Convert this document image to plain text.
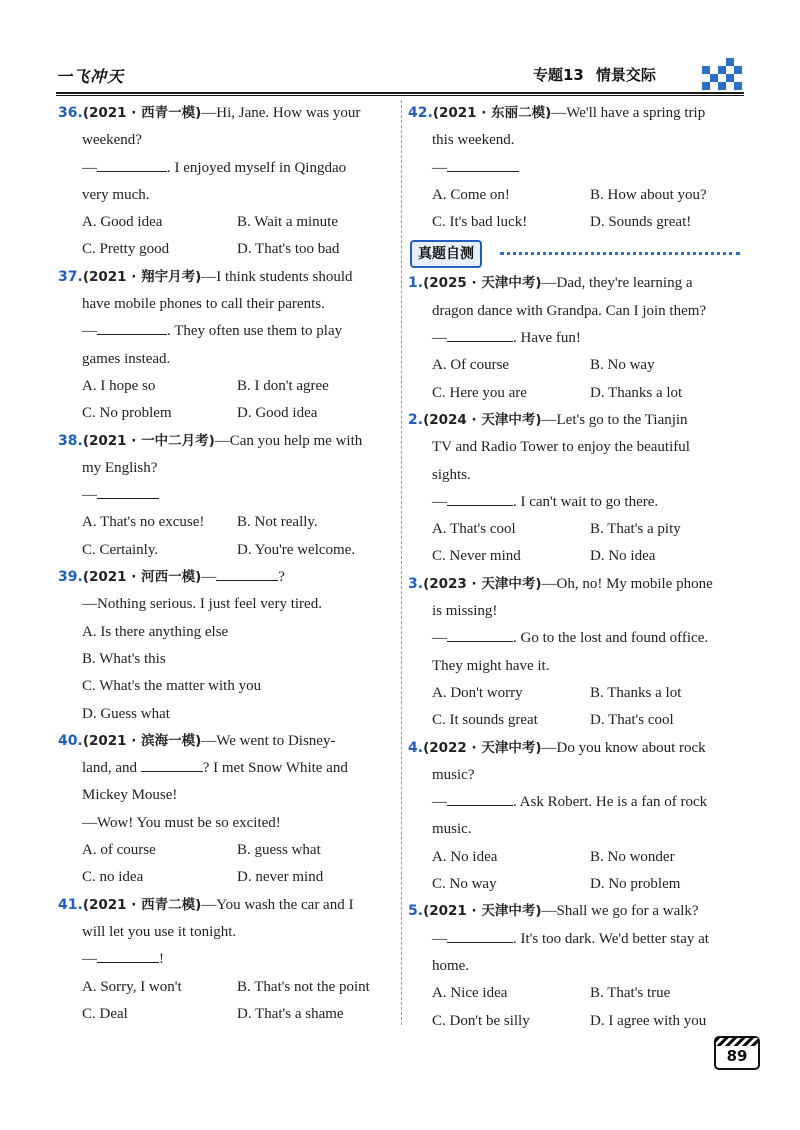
一飞冲天	专题13 情景交际
36.(2021 · 西青一模)—Hi, Jane. How was your
weekend?
—	. I enjoyed myself in Qingdao
very much.
A. Good idea	B. Wait a minute
C. Pretty good	D. That's too bad
37.(2021 · 翔宇月考)—I think students should
have mobile phones to call their parents.
—	. They often use them to play
games instead.
A. I hope so	B. I don't agree
C. No problem	D. Good idea
38.(2021 · 一中二月考)—Can you help me with
my English?
—
A. That's no excuse!	B. Not really.
C. Certainly.	D. You're welcome.
39.(2021 · 河西一模)—	?
—Nothing serious. I just feel very tired.
A. Is there anything else
B. What's this
C. What's the matter with you
D. Guess what
40.(2021 · 滨海一模)—We went to Disney-
land, and	? I met Snow White and
Mickey Mouse!
—Wow! You must be so excited!
A. of course	B. guess what
C. no idea	D. never mind
41.(2021 · 西青二模)—You wash the car and I
will let you use it tonight.
—	!
A. Sorry, I won't	B. That's not the point
C. Deal	D. That's a shame
42.(2021 · 东丽二模)—We'll have a spring trip
this weekend.
—
A. Come on!	B. How about you?
C. It's bad luck!	D. Sounds great!
真题自测
1.(2025 · 天津中考)—Dad, they're learning a
dragon dance with Grandpa. Can I join them?
—	. Have fun!
A. Of course	B. No way
C. Here you are	D. Thanks a lot
2.(2024 · 天津中考)—Let's go to the Tianjin
TV and Radio Tower to enjoy the beautiful
sights.
—	. I can't wait to go there.
A. That's cool	B. That's a pity
C. Never mind	D. No idea
3.(2023 · 天津中考)—Oh, no! My mobile phone
is missing!
—	. Go to the lost and found office.
They might have it.
A. Don't worry	B. Thanks a lot
C. It sounds great	D. That's cool
4.(2022 · 天津中考)—Do you know about rock
music?
—	. Ask Robert. He is a fan of rock
music.
A. No idea	B. No wonder
C. No way	D. No problem
5.(2021 · 天津中考)—Shall we go for a walk?
—	. It's too dark. We'd better stay at
home.
A. Nice idea	B. That's true
C. Don't be silly	D. I agree with you
89
